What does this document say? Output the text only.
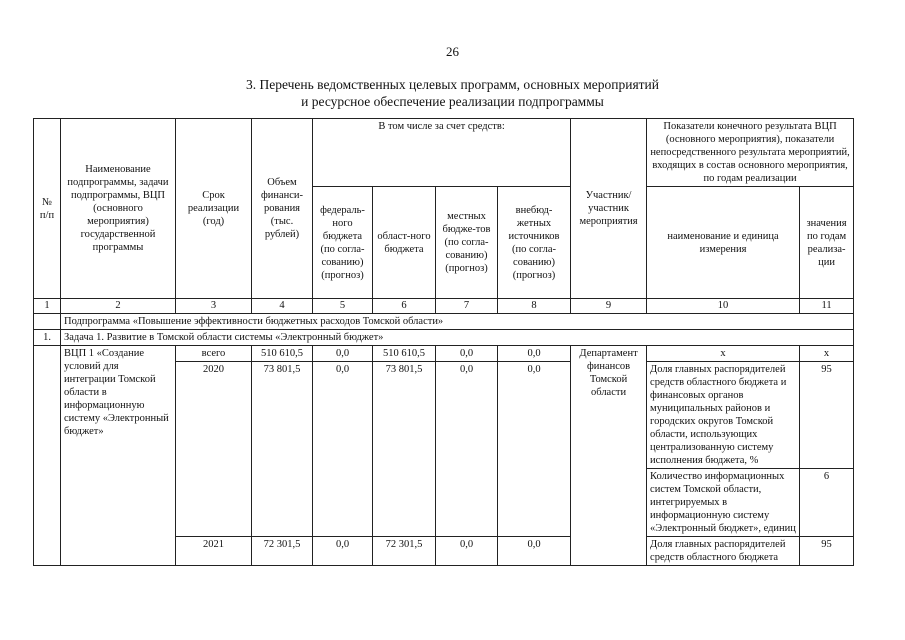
26
3. Перечень ведомственных целевых программ, основных мероприятий
и ресурсное обеспечение реализации подпрограммы
№ п/п	Наименование подпрограммы, задачи подпрограммы, ВЦП (основного мероприятия) государственной программы	Срок реализации (год)	Объем финанси-рования (тыс. рублей)	В том числе за счет средств:				Участник/ участник мероприятия	Показатели конечного результата ВЦП (основного мероприятия), показатели непосредственного результата мероприятий, входящих в состав основного мероприятия, по годам реализации	
				федераль-ного бюджета (по согла-сованию) (прогноз)	област-ного бюджета	местных бюдже-тов (по согла-сованию) (прогноз)	внебюд-жетных источников (по согла-сованию) (прогноз)		наименование и единица измерения	значения по годам реализа-ции
1	2	3	4	5	6	7	8	9	10	11
	Подпрограмма «Повышение эффективности бюджетных расходов Томской области»									
1.	Задача 1. Развитие в Томской области системы «Электронный бюджет»									
	ВЦП 1 «Создание условий для интеграции Томской области в информационную систему «Электронный бюджет»	всего	510 610,5	0,0	510 610,5	0,0	0,0	Департамент финансов Томской области	х	х
		2020	73 801,5	0,0	73 801,5	0,0	0,0		Доля главных распорядителей средств областного бюджета и финансовых органов муниципальных районов и городских округов Томской области, использующих централизованную систему исполнения бюджета, %	95
									Количество информационных систем Томской области, интегрируемых в информационную систему «Электронный бюджет», единиц	6
		2021	72 301,5	0,0	72 301,5	0,0	0,0		Доля главных распорядителей средств областного бюджета	95
